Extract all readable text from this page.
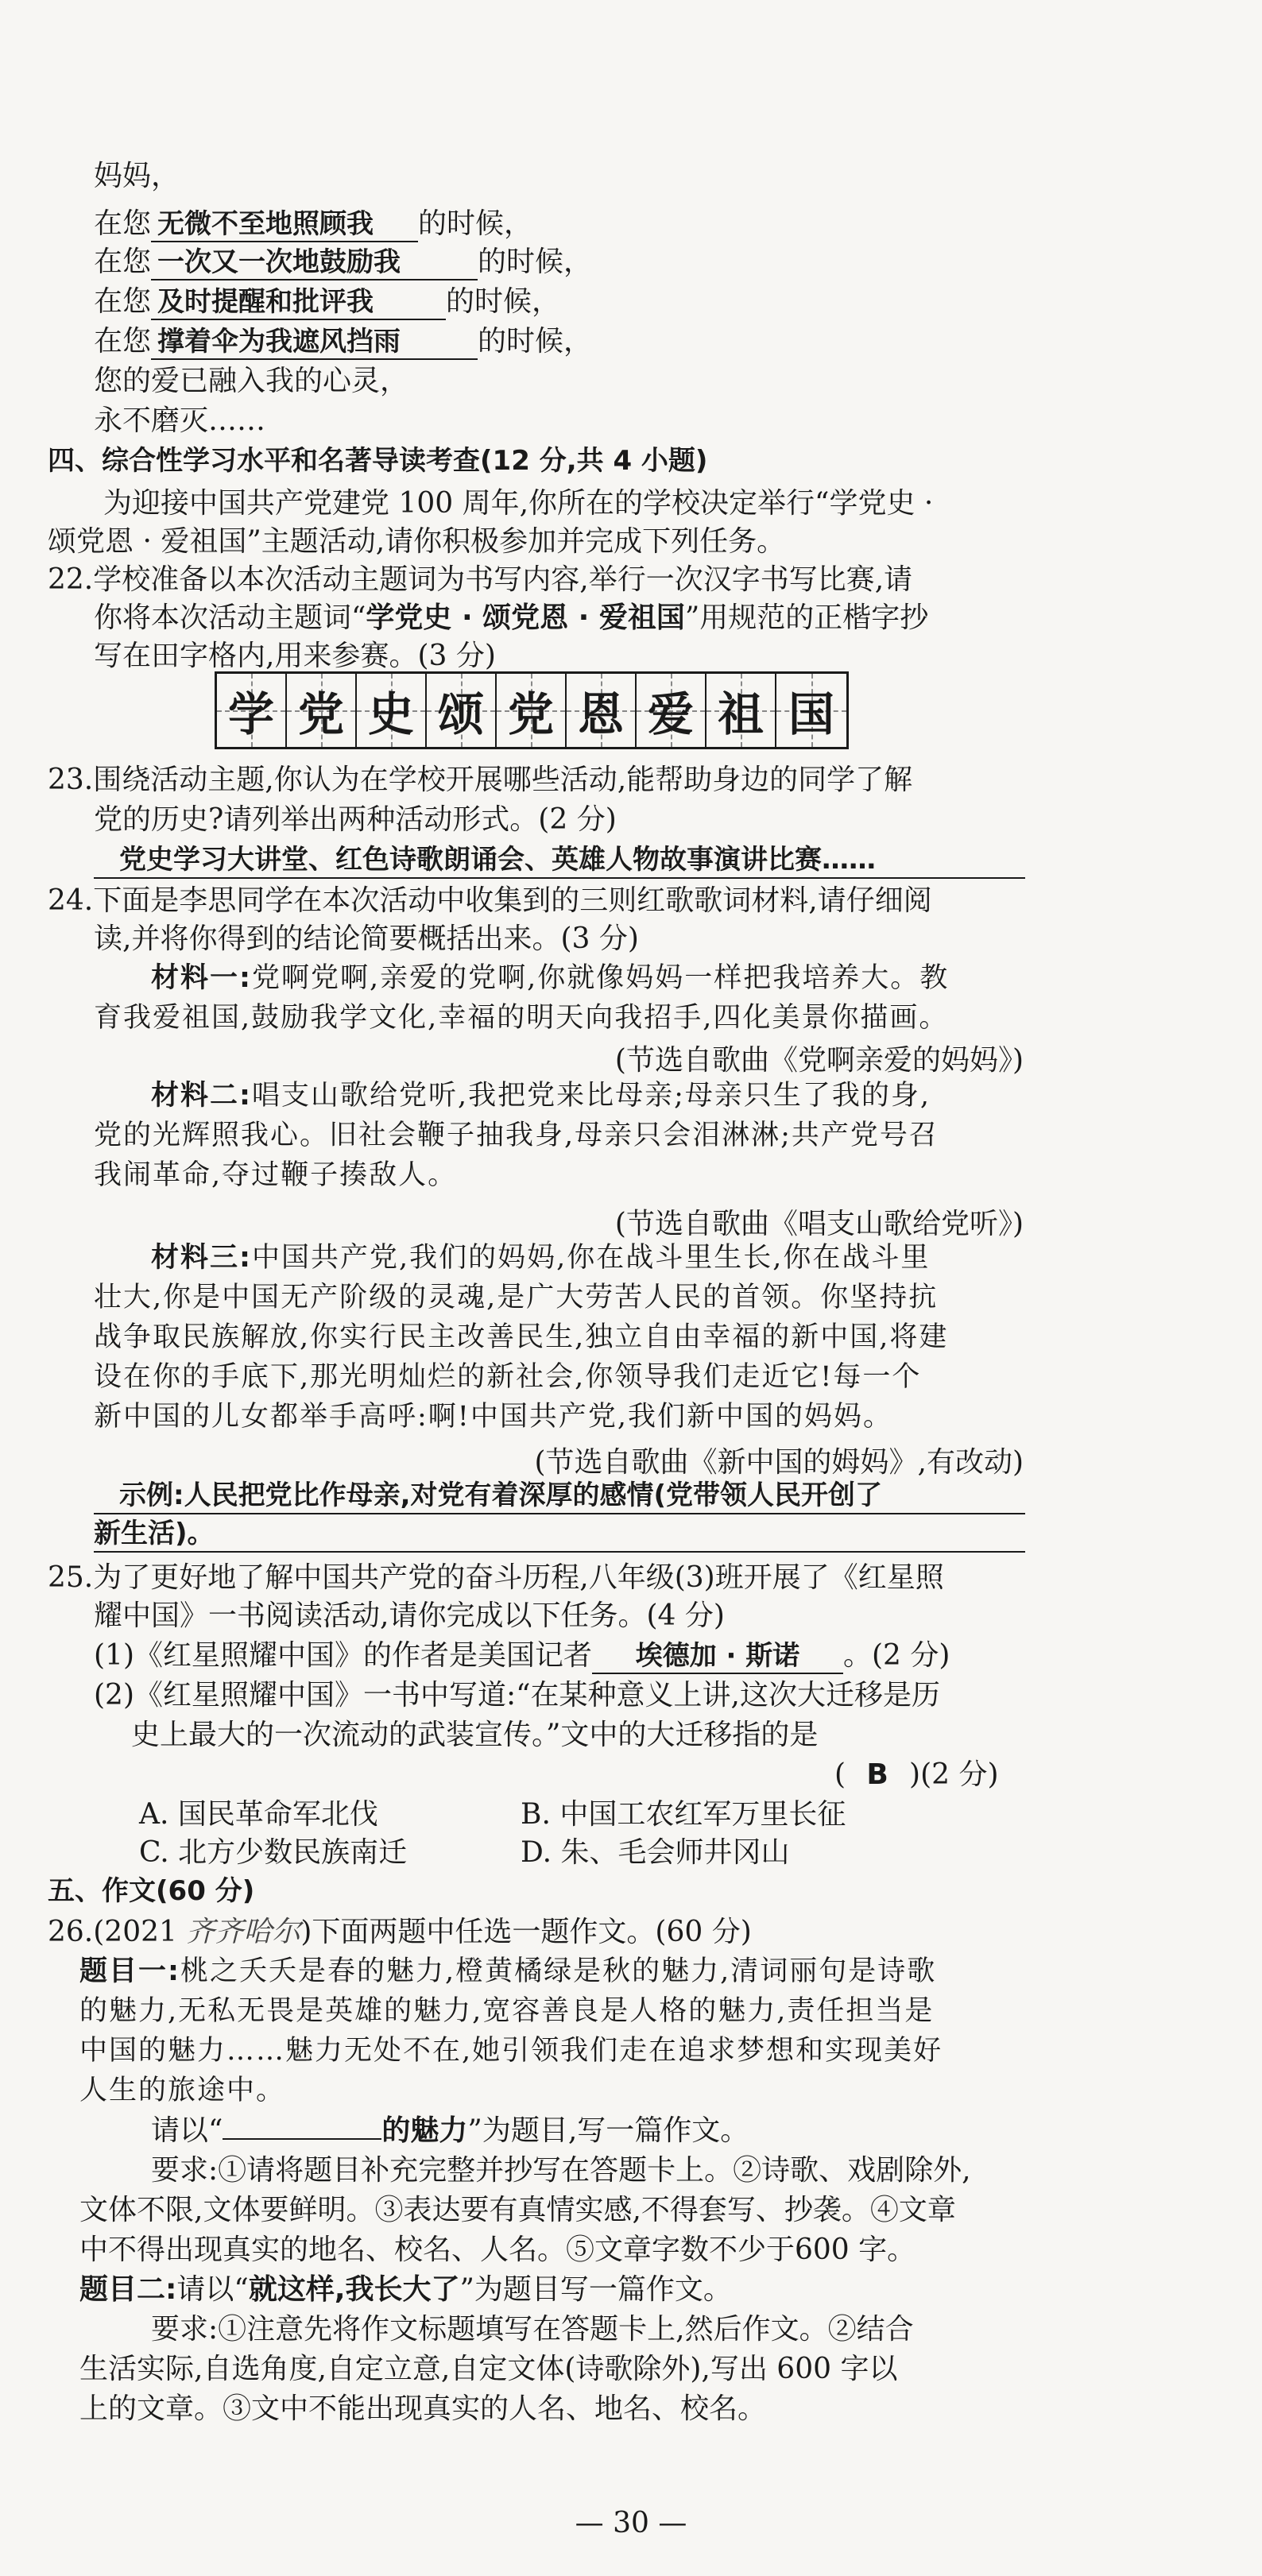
妈妈，
在您 无微不至地照顾我 的时候，
在您 一次又一次地鼓励我	的时候，
在您 及时提醒和批评我	的时候，
在您 撑着伞为我遮风挡雨	的时候，
您的爱已融入我的心灵，
永不磨灭……
四、综合性学习水平和名著导读考查(12 分,共 4 小题)
为迎接中国共产党建党 100 周年,你所在的学校决定举行“学党史 ·
颂党恩 · 爱祖国”主题活动,请你积极参加并完成下列任务。
22.学校准备以本次活动主题词为书写内容,举行一次汉字书写比赛,请
你将本次活动主题词“学党史 · 颂党恩 · 爱祖国”用规范的正楷字抄
写在田字格内,用来参赛。(3 分)
学 党 史 颂 党 恩 爱 祖 国
23.围绕活动主题,你认为在学校开展哪些活动,能帮助身边的同学了解
党的历史?请列举出两种活动形式。(2 分)
党史学习大讲堂、红色诗歌朗诵会、英雄人物故事演讲比赛……
24.下面是李思同学在本次活动中收集到的三则红歌歌词材料,请仔细阅
读,并将你得到的结论简要概括出来。(3 分)
材料一:党啊党啊,亲爱的党啊,你就像妈妈一样把我培养大。教
育我爱祖国,鼓励我学文化,幸福的明天向我招手,四化美景你描画。
(节选自歌曲《党啊亲爱的妈妈》)
材料二:唱支山歌给党听,我把党来比母亲;母亲只生了我的身,
党的光辉照我心。旧社会鞭子抽我身,母亲只会泪淋淋;共产党号召
我闹革命,夺过鞭子揍敌人。
(节选自歌曲《唱支山歌给党听》)
材料三:中国共产党,我们的妈妈,你在战斗里生长,你在战斗里
壮大,你是中国无产阶级的灵魂,是广大劳苦人民的首领。你坚持抗
战争取民族解放,你实行民主改善民生,独立自由幸福的新中国,将建
设在你的手底下,那光明灿烂的新社会,你领导我们走近它!每一个
新中国的儿女都举手高呼:啊!中国共产党,我们新中国的妈妈。
(节选自歌曲《新中国的姆妈》,有改动)
示例:人民把党比作母亲,对党有着深厚的感情(党带领人民开创了
新生活)。
25.为了更好地了解中国共产党的奋斗历程,八年级(3)班开展了《红星照
耀中国》一书阅读活动,请你完成以下任务。(4 分)
(1)《红星照耀中国》的作者是美国记者 埃德加 · 斯诺 。(2 分)
(2)《红星照耀中国》一书中写道:“在某种意义上讲,这次大迁移是历
史上最大的一次流动的武装宣传。”文中的大迁移指的是
( B )(2 分)
A. 国民革命军北伐	B. 中国工农红军万里长征
C. 北方少数民族南迁	D. 朱、毛会师井冈山
五、作文(60 分)
26.(2021 齐齐哈尔)下面两题中任选一题作文。(60 分)
题目一:桃之夭夭是春的魅力,橙黄橘绿是秋的魅力,清词丽句是诗歌
的魅力,无私无畏是英雄的魅力,宽容善良是人格的魅力,责任担当是
中国的魅力……魅力无处不在,她引领我们走在追求梦想和实现美好
人生的旅途中。
请以“	的魅力”为题目,写一篇作文。
要求:①请将题目补充完整并抄写在答题卡上。②诗歌、戏剧除外,
文体不限,文体要鲜明。③表达要有真情实感,不得套写、抄袭。④文章
中不得出现真实的地名、校名、人名。⑤文章字数不少于600 字。
题目二:请以“就这样,我长大了”为题目写一篇作文。
要求:①注意先将作文标题填写在答题卡上,然后作文。②结合
生活实际,自选角度,自定立意,自定文体(诗歌除外),写出 600 字以
上的文章。③文中不能出现真实的人名、地名、校名。
— 30 —
